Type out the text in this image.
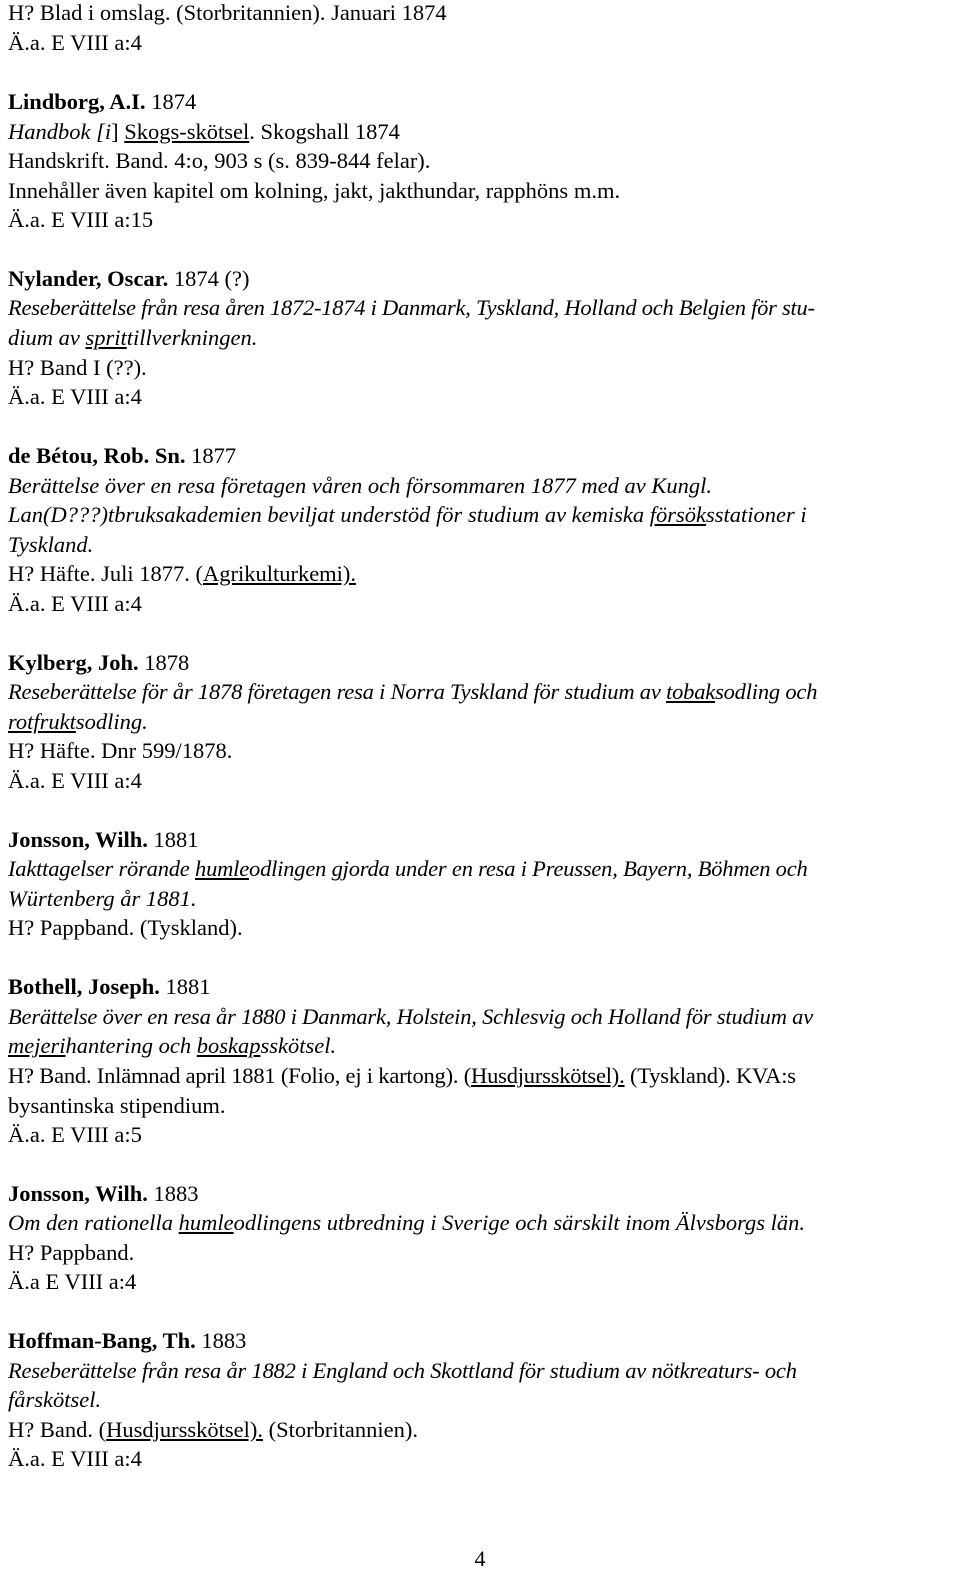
H? Blad i omslag. (Storbritannien). Januari 1874
Ä.a. E VIII a:4
Lindborg, A.I. 1874
Handbok [i] Skogs-skötsel. Skogshall 1874
Handskrift. Band. 4:o, 903 s (s. 839-844 felar).
Innehåller även kapitel om kolning, jakt, jakthundar, rapphöns m.m.
Ä.a. E VIII a:15
Nylander, Oscar. 1874 (?)
Reseberättelse från resa åren 1872-1874 i Danmark, Tyskland, Holland och Belgien för stu-
dium av sprittillverkningen.
H? Band I (??).
Ä.a. E VIII a:4
de Bétou, Rob. Sn. 1877
Berättelse över en resa företagen våren och försommaren 1877 med av Kungl.
Lan(D???)tbruksakademien beviljat understöd för studium av kemiska försöksstationer i
Tyskland.
H? Häfte. Juli 1877. (Agrikulturkemi).
Ä.a. E VIII a:4
Kylberg, Joh. 1878
Reseberättelse för år 1878 företagen resa i Norra Tyskland för studium av tobaksodling och
rotfruktsodling.
H? Häfte. Dnr 599/1878.
Ä.a. E VIII a:4
Jonsson, Wilh. 1881
Iakttagelser rörande humleodlingen gjorda under en resa i Preussen, Bayern, Böhmen och
Würtenberg år 1881.
H? Pappband. (Tyskland).
Bothell, Joseph. 1881
Berättelse över en resa år 1880 i Danmark, Holstein, Schlesvig och Holland för studium av
mejerihantering och boskapsskötsel.
H? Band. Inlämnad april 1881 (Folio, ej i kartong). (Husdjursskötsel). (Tyskland). KVA:s
bysantinska stipendium.
Ä.a. E VIII a:5
Jonsson, Wilh. 1883
Om den rationella humleodlingens utbredning i Sverige och särskilt inom Älvsborgs län.
H? Pappband.
Ä.a E VIII a:4
Hoffman-Bang, Th. 1883
Reseberättelse från resa år 1882 i England och Skottland för studium av nötkreaturs- och
fårskötsel.
H? Band. (Husdjursskötsel). (Storbritannien).
Ä.a. E VIII a:4
4
